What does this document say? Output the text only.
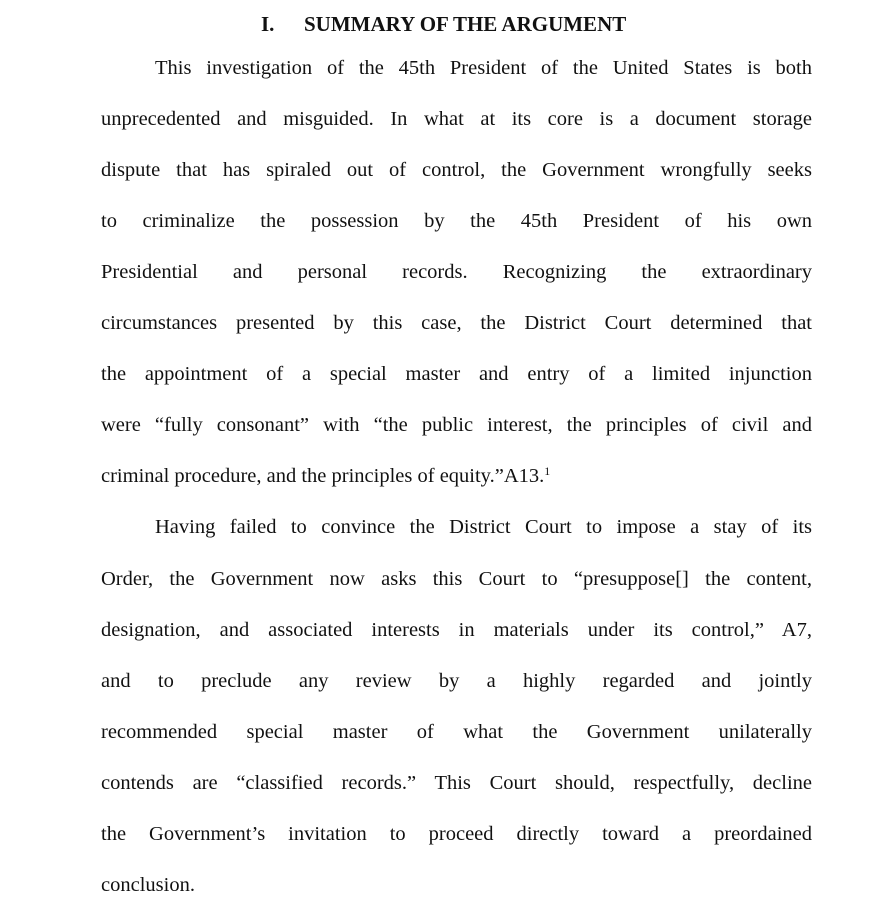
I. SUMMARY OF THE ARGUMENT
This investigation of the 45th President of the United States is both
unprecedented and misguided. In what at its core is a document storage
dispute that has spiraled out of control, the Government wrongfully seeks
to criminalize the possession by the 45th President of his own
Presidential and personal records. Recognizing the extraordinary
circumstances presented by this case, the District Court determined that
the appointment of a special master and entry of a limited injunction
were “fully consonant” with “the public interest, the principles of civil and
criminal procedure, and the principles of equity.”A13.$^1$
Having failed to convince the District Court to impose a stay of its
Order, the Government now asks this Court to “presuppose[] the content,
designation, and associated interests in materials under its control,” A7,
and to preclude any review by a highly regarded and jointly
recommended special master of what the Government unilaterally
contends are “classified records.” This Court should, respectfully, decline
the Government’s invitation to proceed directly toward a preordained
conclusion.
